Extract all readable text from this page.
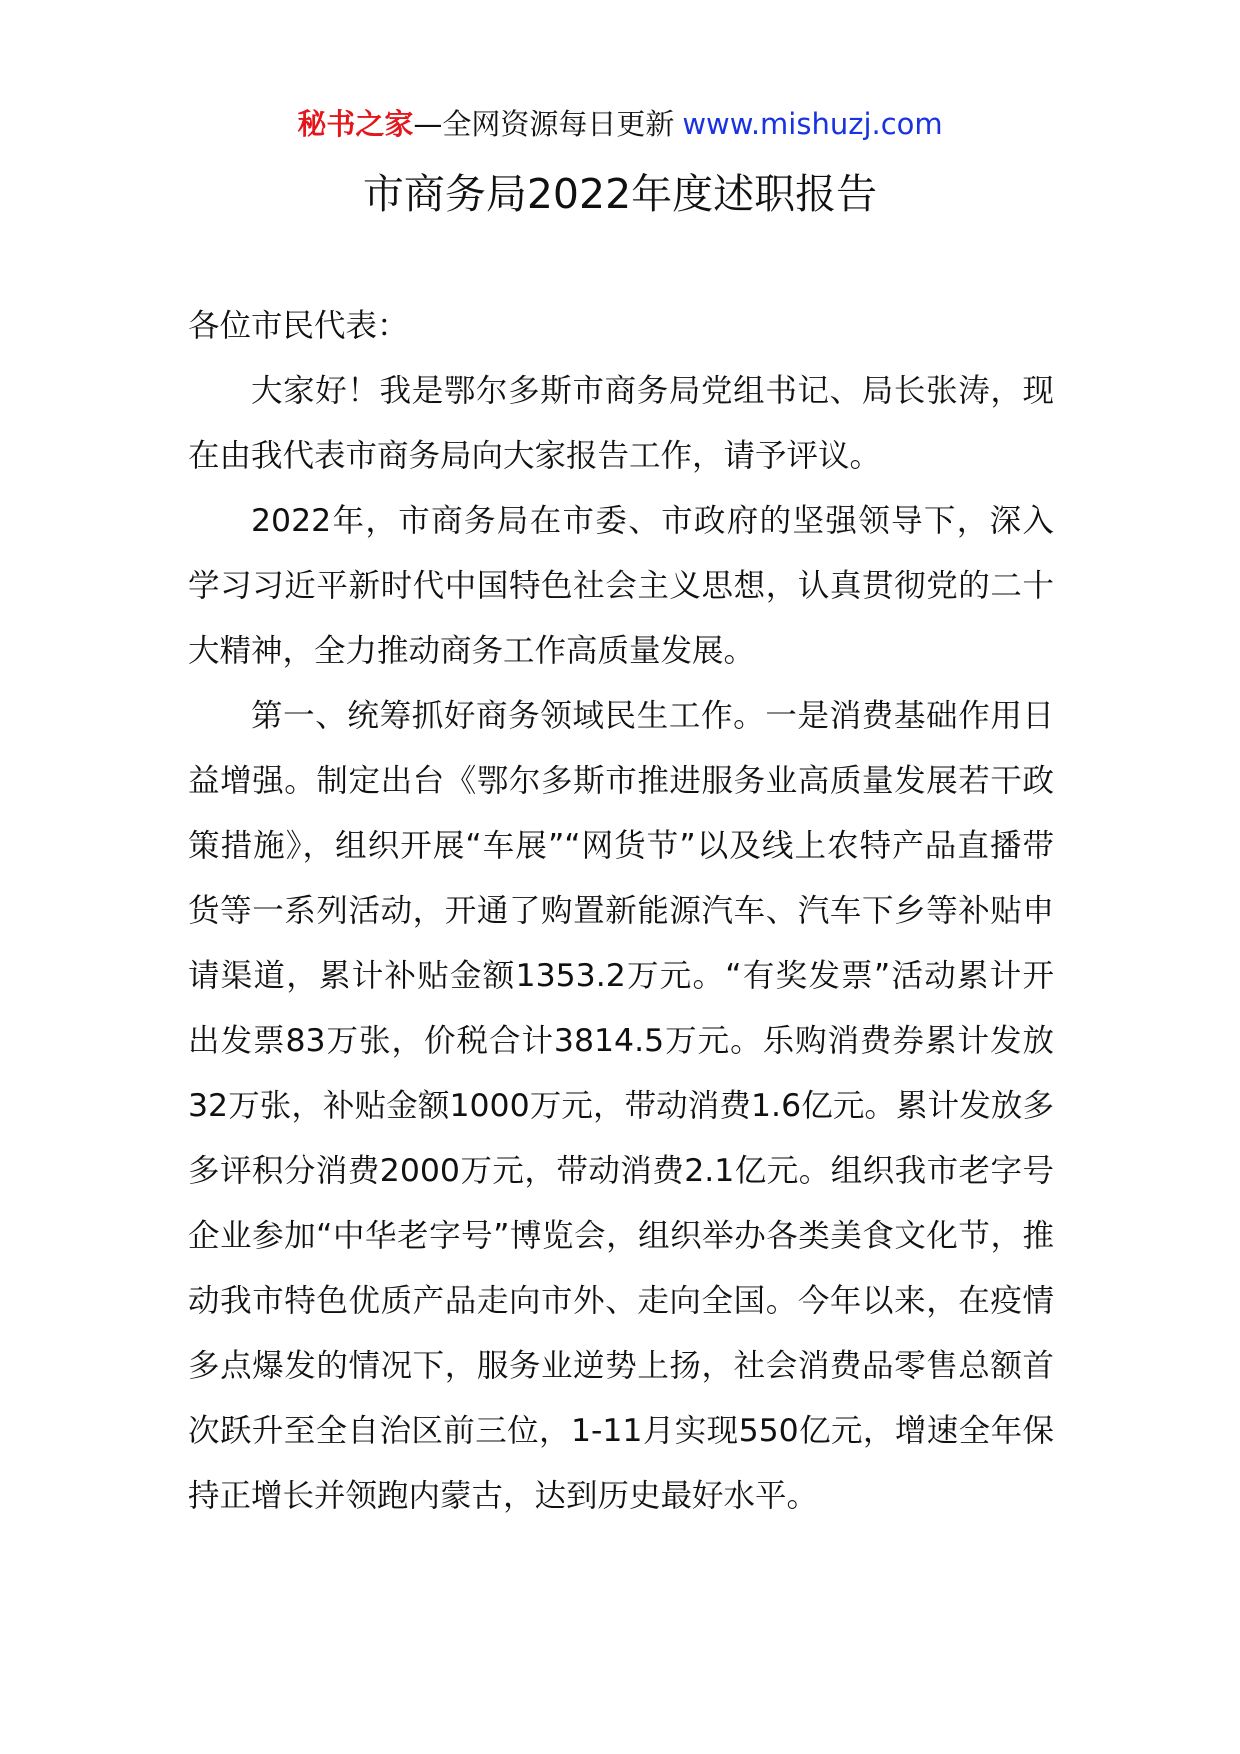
秘书之家—全网资源每日更新 www.mishuzj.com
市商务局2022年度述职报告

各位市民代表：

大家好！我是鄂尔多斯市商务局党组书记、局长张涛，现在由我代表市商务局向大家报告工作，请予评议。

2022年，市商务局在市委、市政府的坚强领导下，深入学习习近平新时代中国特色社会主义思想，认真贯彻党的二十大精神，全力推动商务工作高质量发展。

第一、统筹抓好商务领域民生工作。一是消费基础作用日益增强。制定出台《鄂尔多斯市推进服务业高质量发展若干政策措施》，组织开展“车展”“网货节”以及线上农特产品直播带货等一系列活动，开通了购置新能源汽车、汽车下乡等补贴申请渠道，累计补贴金额1353.2万元。“有奖发票”活动累计开出发票83万张，价税合计3814.5万元。乐购消费券累计发放32万张，补贴金额1000万元，带动消费1.6亿元。累计发放多多评积分消费2000万元，带动消费2.1亿元。组织我市老字号企业参加“中华老字号”博览会，组织举办各类美食文化节，推动我市特色优质产品走向市外、走向全国。今年以来，在疫情多点爆发的情况下，服务业逆势上扬，社会消费品零售总额首次跃升至全自治区前三位，1-11月实现550亿元，增速全年保持正增长并领跑内蒙古，达到历史最好水平。
